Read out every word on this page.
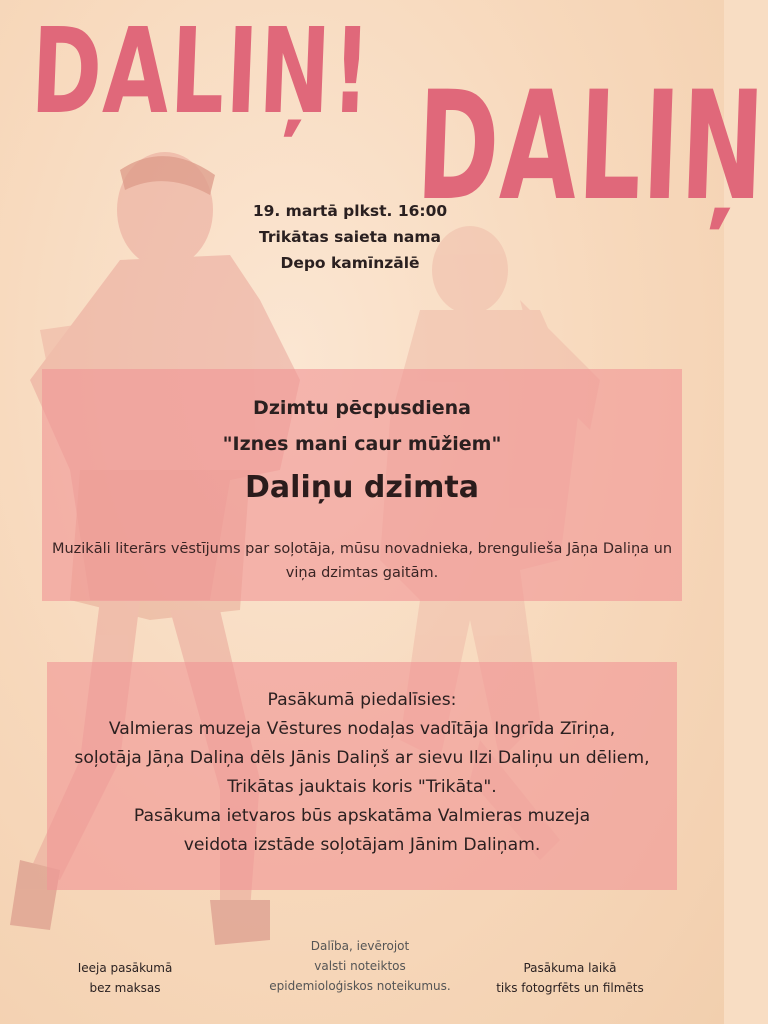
DALIŅ! DALIŅ
19. martā plkst. 16:00
Trikātas saieta nama
Depo kamīnzālē
Dzimtu pēcpusdiena
"Iznes mani caur mūžiem"
Daliņu dzimta
Muzikāli literārs vēstījums par soļotāja, mūsu novadnieka, brenguliešа Jāņa Daliņa un
viņa dzimtas gaitām.
Pasākumā piedalīsies:
Valmieras muzeja Vēstures nodaļas vadītāja Ingrīda Zīriņa,
soļotāja Jāņa Daliņa dēls Jānis Daliņš ar sievu Ilzi Daliņu un dēliem,
Trikātas jauktais koris "Trikāta".
Pasākuma ietvaros būs apskatāma Valmieras muzeja
veidota izstāde soļotājam Jānim Daliņam.
Ieeja pasākumā
bez maksas
Dalība, ievērojot
valsti noteiktos
epidemioloģiskos noteikumus.
Pasākuma laikā
tiks fotogrfēts un filmēts
